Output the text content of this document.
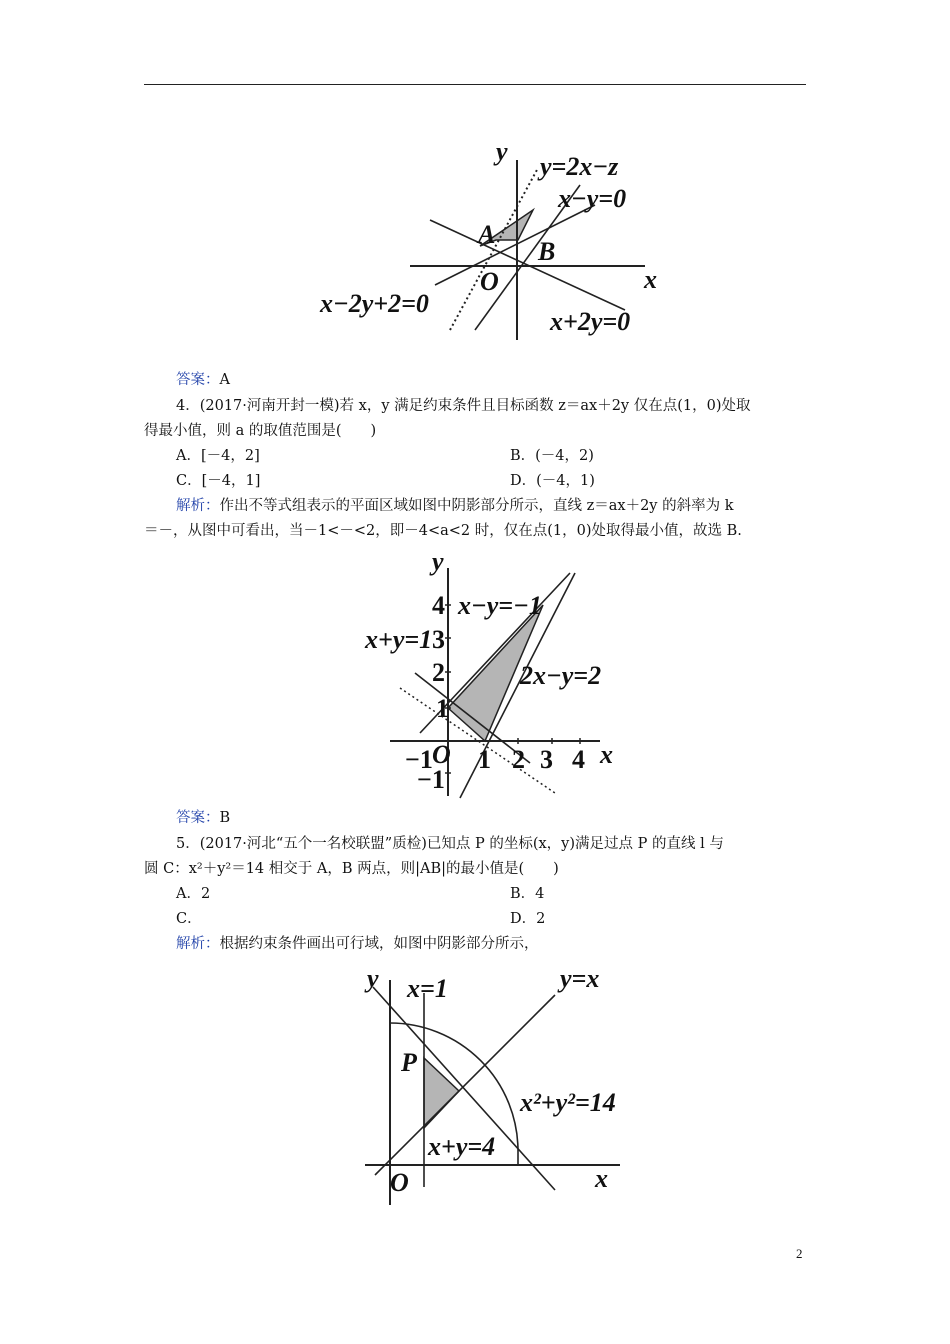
y
y=2x−z
x−y=0
A
B
x
O
x−2y+2=0
x+2y=0
答案：A
4．(2017·河南开封一模)若 x，y 满足约束条件且目标函数 z＝ax＋2y 仅在点(1，0)处取
得最小值，则 a 的取值范围是(　　)
A．[－4，2]	B．(－4，2)
C．[－4，1]	D．(－4，1)
解析：作出不等式组表示的平面区域如图中阴影部分所示，直线 z＝ax＋2y 的斜率为 k
＝－，从图中可看出，当－1<－<2，即－4<a<2 时，仅在点(1，0)处取得最小值，故选 B.
y
4 x−y=−1
x+y=1 3
2	2x−y=2
1
−1 O 1 2 3 4 x
−1
答案：B
5．(2017·河北“五个一名校联盟”质检)已知点 P 的坐标(x，y)满足过点 P 的直线 l 与
圆 C：x²＋y²＝14 相交于 A，B 两点，则|AB|的最小值是(　　)
A．2	B．4
C．	D．2
解析：根据约束条件画出可行域，如图中阴影部分所示，
y x=1	y=x
P
x²+y²=14
x+y=4
O	x
2
